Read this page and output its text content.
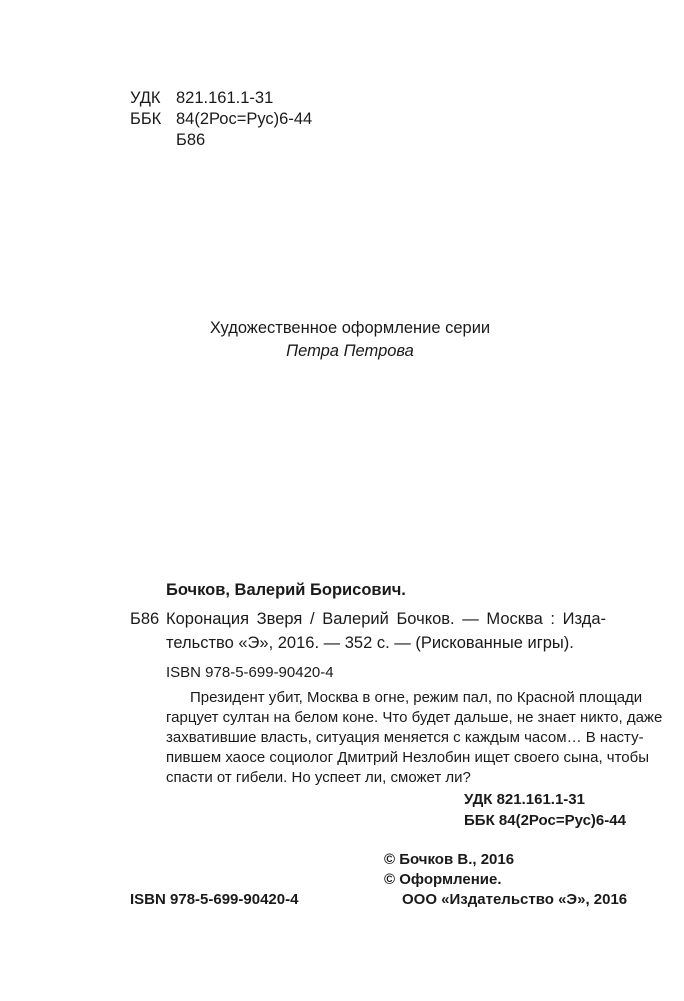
УДК 821.161.1-31
ББК 84(2Рос=Рус)6-44
Б86
Художественное оформление серии
Петра Петрова
Бочков, Валерий Борисович.
Б86 Коронация Зверя / Валерий Бочков. — Москва : Изда-
тельство «Э», 2016. — 352 с. — (Рискованные игры).
ISBN 978-5-699-90420-4
Президент убит, Москва в огне, режим пал, по Красной площади
гарцует султан на белом коне. Что будет дальше, не знает никто, даже
захватившие власть, ситуация меняется с каждым часом… В насту-
пившем хаосе социолог Дмитрий Незлобин ищет своего сына, чтобы
спасти от гибели. Но успеет ли, сможет ли?
УДК 821.161.1-31
ББК 84(2Рос=Рус)6-44
© Бочков В., 2016
© Оформление.
ООО «Издательство «Э», 2016
ISBN 978-5-699-90420-4
